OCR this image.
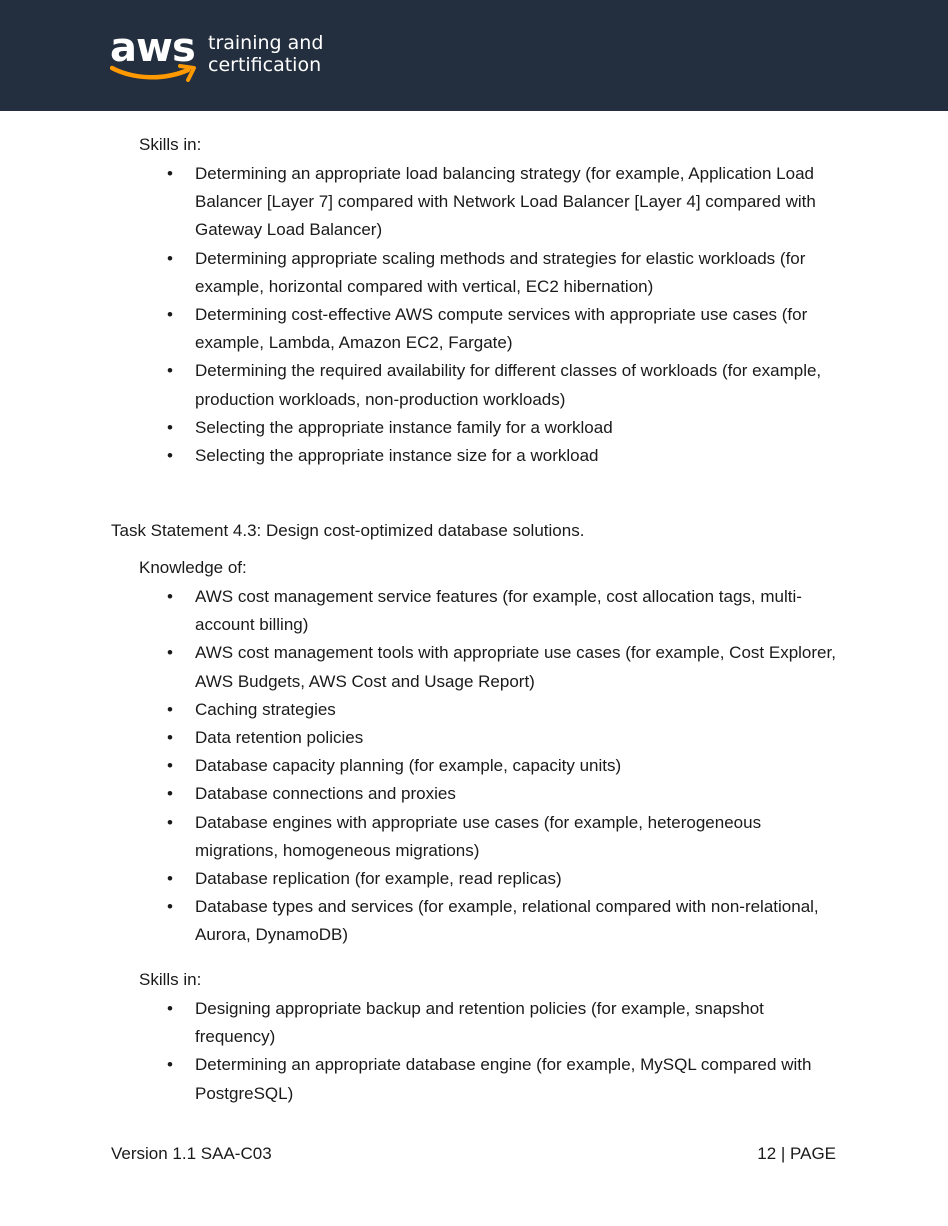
aws training and
certification
Skills in:
• Determining an appropriate load balancing strategy (for example, Application Load Balancer [Layer 7] compared with Network Load Balancer [Layer 4] compared with Gateway Load Balancer)
• Determining appropriate scaling methods and strategies for elastic workloads (for example, horizontal compared with vertical, EC2 hibernation)
• Determining cost-effective AWS compute services with appropriate use cases (for example, Lambda, Amazon EC2, Fargate)
• Determining the required availability for different classes of workloads (for example, production workloads, non-production workloads)
• Selecting the appropriate instance family for a workload
• Selecting the appropriate instance size for a workload
Task Statement 4.3: Design cost-optimized database solutions.
Knowledge of:
• AWS cost management service features (for example, cost allocation tags, multi-account billing)
• AWS cost management tools with appropriate use cases (for example, Cost Explorer, AWS Budgets, AWS Cost and Usage Report)
• Caching strategies
• Data retention policies
• Database capacity planning (for example, capacity units)
• Database connections and proxies
• Database engines with appropriate use cases (for example, heterogeneous migrations, homogeneous migrations)
• Database replication (for example, read replicas)
• Database types and services (for example, relational compared with non-relational, Aurora, DynamoDB)
Skills in:
• Designing appropriate backup and retention policies (for example, snapshot frequency)
• Determining an appropriate database engine (for example, MySQL compared with PostgreSQL)
Version 1.1 SAA-C03	12 | PAGE
